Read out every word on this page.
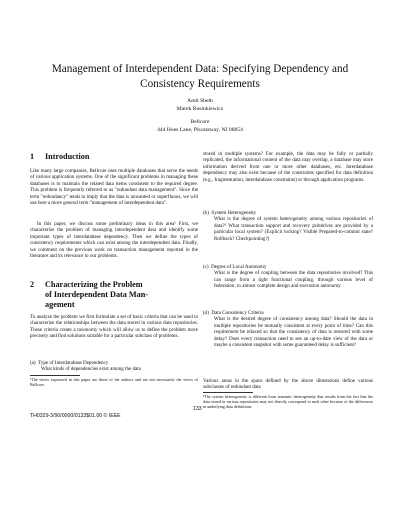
Management of Interdependent Data: Specifying Dependency and
Consistency Requirements
Amit Sheth
Marek Rusinkiewicz
Bellcore
444 Hoes Lane, Piscataway, NJ 08854
1 Introduction

Like many large companies, Bellcore uses multiple databases that serve the needs of various application systems. One of the significant problems in managing these databases is to maintain the related data items consistent to the required degree. This problem is frequently referred to as "redundant data management". Since the term "redundancy" tends to imply that the data is unwanted or superfluous, we will use here a more general term "management of interdependent data".

In this paper, we discuss some preliminary ideas in this area¹ First, we characterize the problem of managing interdependent data and identify some important types of interdatabase dependency. Then we define the types of consistency requirements which can exist among the interdependent data. Finally, we comment on the previous work on transaction management reported in the literature and its relevance to our problems.

2 Characterizing the Problem
of Interdependent Data Man-
agement

To analyze the problem we first formulate a set of basic criteria that can be used to characterize the relationships between the data stored in various data repositories. These criteria create a taxonomy which will allow us to define the problem more precisely and find solutions suitable for a particular subclass of problems.

(a) Type of Interdatabase Dependency
What kinds of dependencies exist among the data

¹The views expressed in this paper are those of the authors and are not necessarily the views of Bellcore.

stored in multiple systems? For example, the data may be fully or partially replicated, the informational content of the data may overlap, a database may store information derived from one or more other databases, etc. Interdatabase dependency may also exist because of the constraints specified for data definition (e.g., fragmentation, interdatabase constraints) or through application programs.

(b) System Heterogeneity
What is the degree of system heterogeneity among various repositories of data?² What transaction support and recovery primitives are provided by a particular local system? (Explicit locking? Visible Prepared-to-commit state? Rollback? Checkpointing?)
(c) Degree of Local Autonomy
What is the degree of coupling between the data repositories involved? This can range from a tight functional coupling, through various level of federation, to almost complete design and execution autonomy.
(d) Data Consistency Criteria
What is the desired degree of consistency among data? Should the data in multiple repositories be mutually consistent at every point of time? Can this requirement be relaxed so that the consistency of data is restored with some delay? Does every transaction need to see an up-to-date view of the data or maybe a consistent snapshot with some guaranteed delay is sufficient?

Various areas in the space defined by the above dimensions define various subclasses of redundant data

²The system heterogeneity is different from semantic heterogeneity that results from the fact that the data stored in various repositories may not directly correspond to each other because of the differences in underlying data definitions.

133
TH0329-3/90/0000/0133$01.00 © IEEE
